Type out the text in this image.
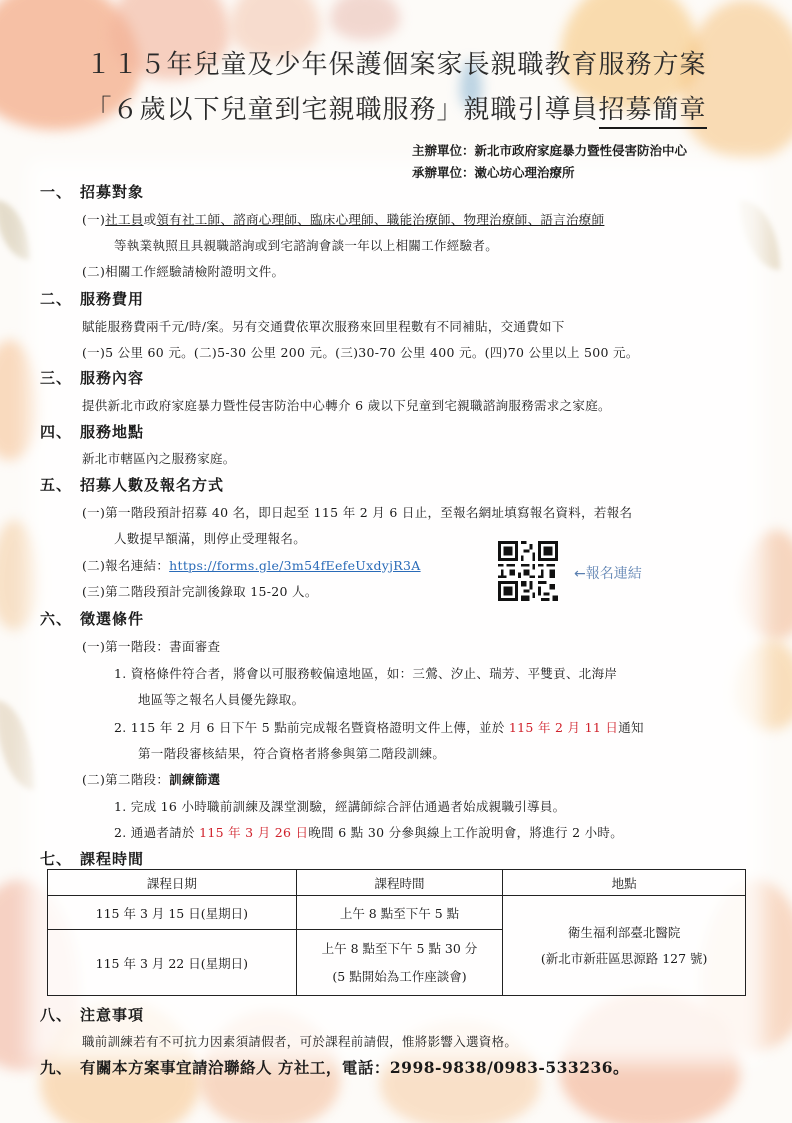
１１５年兒童及少年保護個案家長親職教育服務方案
「６歲以下兒童到宅親職服務」親職引導員招募簡章
主辦單位：新北市政府家庭暴力暨性侵害防治中心
承辦單位：潄心坊心理治療所
一、 招募對象
(一)社工員或領有社工師、諮商心理師、臨床心理師、職能治療師、物理治療師、語言治療師
等執業執照且具親職諮詢或到宅諮詢會談一年以上相關工作經驗者。
(二)相關工作經驗請檢附證明文件。
二、 服務費用
賦能服務費兩千元/時/案。另有交通費依單次服務來回里程數有不同補貼，交通費如下
(一)5 公里 60 元。(二)5-30 公里 200 元。(三)30-70 公里 400 元。(四)70 公里以上 500 元。
三、 服務內容
提供新北市政府家庭暴力暨性侵害防治中心轉介 6 歲以下兒童到宅親職諮詢服務需求之家庭。
四、 服務地點
新北市轄區內之服務家庭。
五、 招募人數及報名方式
(一)第一階段預計招募 40 名，即日起至 115 年 2 月 6 日止，至報名網址填寫報名資料，若報名
人數提早額滿，則停止受理報名。
(二)報名連結：https://forms.gle/3m54fEefeUxdyjR3A
(三)第二階段預計完訓後錄取 15-20 人。
←報名連結
六、 徵選條件
(一)第一階段：書面審查
1. 資格條件符合者，將會以可服務較偏遠地區，如：三鶯、汐止、瑞芳、平雙貢、北海岸
地區等之報名人員優先錄取。
2. 115 年 2 月 6 日下午 5 點前完成報名暨資格證明文件上傳，並於 115 年 2 月 11 日通知
第一階段審核結果，符合資格者將參與第二階段訓練。
(二)第二階段：訓練篩選
1. 完成 16 小時職前訓練及課堂測驗，經講師綜合評估通過者始成親職引導員。
2. 通過者請於 115 年 3 月 26 日晚間 6 點 30 分參與線上工作說明會，將進行 2 小時。
七、 課程時間
課程日期	課程時間	地點
115 年 3 月 15 日(星期日)	上午 8 點至下午 5 點	衛生福利部臺北醫院
(新北市新莊區思源路 127 號)

115 年 3 月 22 日(星期日)	上午 8 點至下午 5 點 30 分
(5 點開始為工作座談會)	
八、 注意事項
職前訓練若有不可抗力因素須請假者，可於課程前請假，惟將影響入選資格。
九、 有關本方案事宜請洽聯絡人 方社工，電話：2998-9838/0983-533236。
